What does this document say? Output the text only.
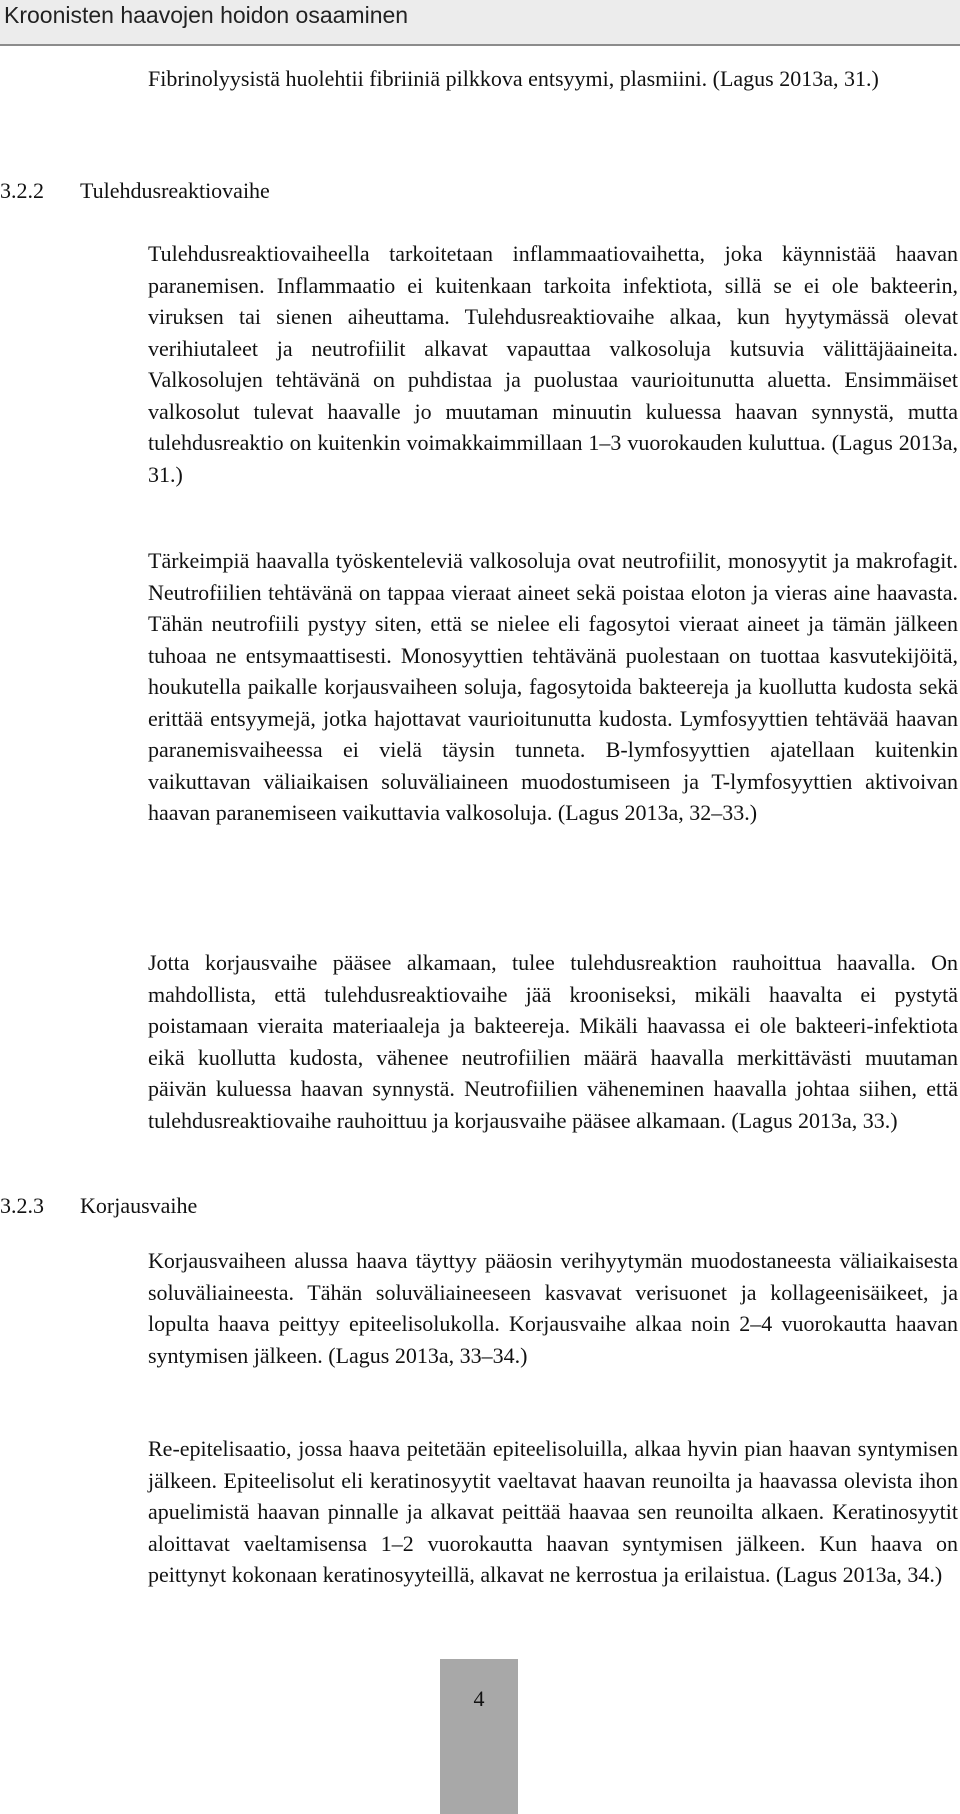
Kroonisten haavojen hoidon osaaminen

Fibrinolyysistä huolehtii fibriiniä pilkkova entsyymi, plasmiini. (Lagus 2013a, 31.)

3.2.2 Tulehdusreaktiovaihe

Tulehdusreaktiovaiheella tarkoitetaan inflammaatiovaihetta, joka käynnistää haavan paranemisen. Inflammaatio ei kuitenkaan tarkoita infektiota, sillä se ei ole bakteerin, viruksen tai sienen aiheuttama. Tulehdusreaktiovaihe alkaa, kun hyytymässä olevat verihiutaleet ja neutrofiilit alkavat vapauttaa valkosoluja kutsuvia välittäjäaineita. Valkosolujen tehtävänä on puhdistaa ja puolustaa vaurioitunutta aluetta. Ensimmäiset valkosolut tulevat haavalle jo muutaman minuutin kuluessa haavan synnystä, mutta tulehdusreaktio on kuitenkin voimakkaimmillaan 1–3 vuorokauden kuluttua. (Lagus 2013a, 31.)

Tärkeimpiä haavalla työskenteleviä valkosoluja ovat neutrofiilit, monosyytit ja makrofagit. Neutrofiilien tehtävänä on tappaa vieraat aineet sekä poistaa eloton ja vieras aine haavasta. Tähän neutrofiili pystyy siten, että se nielee eli fagosytoi vieraat aineet ja tämän jälkeen tuhoaa ne entsymaattisesti. Monosyyttien tehtävänä puolestaan on tuottaa kasvutekijöitä, houkutella paikalle korjausvaiheen soluja, fagosytoida bakteereja ja kuollutta kudosta sekä erittää entsyymejä, jotka hajottavat vaurioitunutta kudosta. Lymfosyyttien tehtävää haavan paranemisvaiheessa ei vielä täysin tunneta. B-lymfosyyttien ajatellaan kuitenkin vaikuttavan väliaikaisen soluväliaineen muodostumiseen ja T-lymfosyyttien aktivoivan haavan paranemiseen vaikuttavia valkosoluja. (Lagus 2013a, 32–33.)

Jotta korjausvaihe pääsee alkamaan, tulee tulehdusreaktion rauhoittua haavalla. On mahdollista, että tulehdusreaktiovaihe jää krooniseksi, mikäli haavalta ei pystytä poistamaan vieraita materiaaleja ja bakteereja. Mikäli haavassa ei ole bakteeri-infektiota eikä kuollutta kudosta, vähenee neutrofiilien määrä haavalla merkittävästi muutaman päivän kuluessa haavan synnystä. Neutrofiilien väheneminen haavalla johtaa siihen, että tulehdusreaktiovaihe rauhoittuu ja korjausvaihe pääsee alkamaan. (Lagus 2013a, 33.)

3.2.3 Korjausvaihe

Korjausvaiheen alussa haava täyttyy pääosin verihyytymän muodostaneesta väliaikaisesta soluväliaineesta. Tähän soluväliaineeseen kasvavat verisuonet ja kollageenisäikeet, ja lopulta haava peittyy epiteelisolukolla. Korjausvaihe alkaa noin 2–4 vuorokautta haavan syntymisen jälkeen. (Lagus 2013a, 33–34.)

Re-epitelisaatio, jossa haava peitetään epiteelisoluilla, alkaa hyvin pian haavan syntymisen jälkeen. Epiteelisolut eli keratinosyytit vaeltavat haavan reunoilta ja haavassa olevista ihon apuelimistä haavan pinnalle ja alkavat peittää haavaa sen reunoilta alkaen. Keratinosyytit aloittavat vaeltamisensa 1–2 vuorokautta haavan syntymisen jälkeen. Kun haava on peittynyt kokonaan keratinosyyteillä, alkavat ne kerrostua ja erilaistua. (Lagus 2013a, 34.)

4
